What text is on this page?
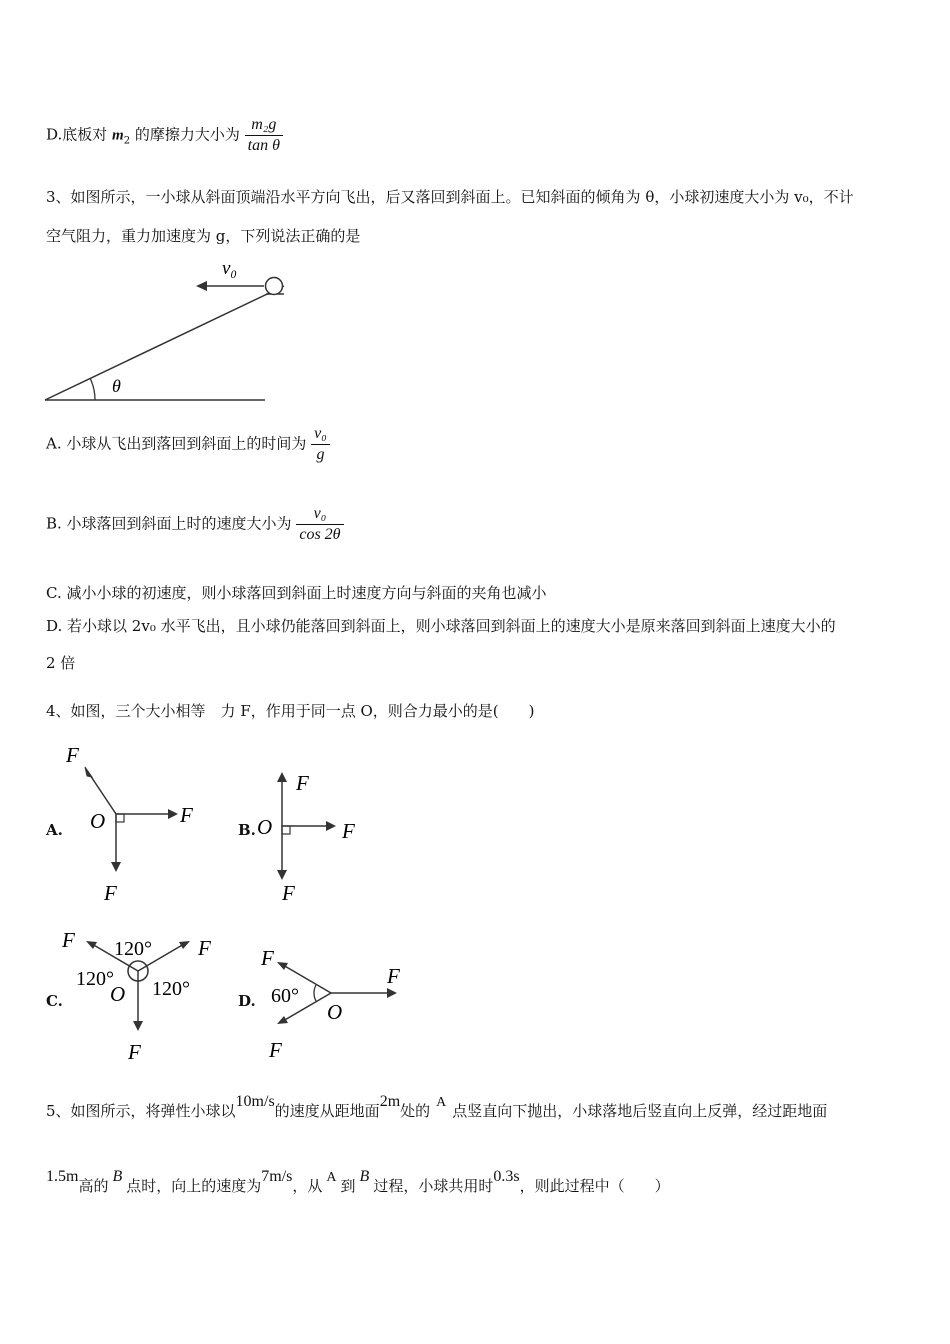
D.底板对 $m_2$ 的摩擦力大小为 $\frac{\text{m₂g}}{\text{tan θ}}$
3、如图所示，一小球从斜面顶端沿水平方向飞出，后又落回到斜面上。已知斜面的倾角为 θ，小球初速度大小为 v₀，不计
空气阻力，重力加速度为 g，下列说法正确的是
v₀
θ
A. 小球从飞出到落回到斜面上的时间为 $\frac{\text{v₀}}{g}$
B. 小球落回到斜面上时的速度大小为 $\frac{\text{v₀}}{\cos 2\theta}$
C. 减小小球的初速度，则小球落回到斜面上时速度方向与斜面的夹角也减小
D. 若小球以 2v₀ 水平飞出，且小球仍能落回到斜面上，则小球落回到斜面上的速度大小是原来落回到斜面上速度大小的
2 倍
4、如图，三个大小相等　力 F，作用于同一点 O，则合力最小的是(　　)
A.
F
F
F
O	B.
F
F
F
O
C.
F	F
F
120°
120° 120°
O	D.
F
F
F
60°
O
5、如图所示，将弹性小球以10m/s的速度从距地面2m处的 A 点竖直向下抛出，小球落地后竖直向上反弹，经过距地面
1.5m高的B点时，向上的速度为7m/s，从 A 到B过程，小球共用时0.3s，则此过程中（　　）
